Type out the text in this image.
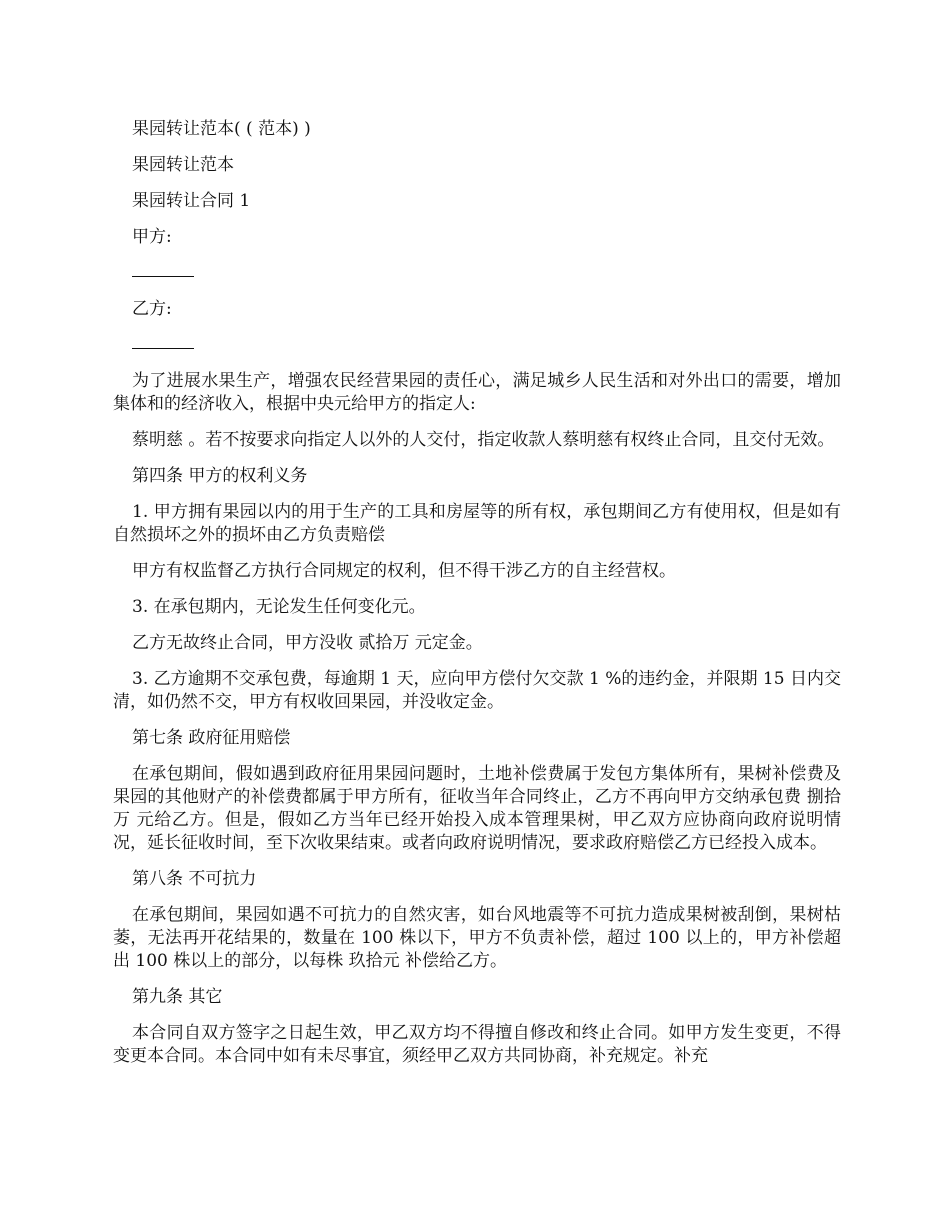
果园转让范本( ( 范本) )

果园转让范本

果园转让合同 1

甲方:

乙方:

为了进展水果生产，增强农民经营果园的责任心，满足城乡人民生活和对外出口的需要，增加集体和的经济收入，根据中央元给甲方的指定人:

蔡明慈 。若不按要求向指定人以外的人交付，指定收款人蔡明慈有权终止合同，且交付无效。

第四条 甲方的权利义务

1. 甲方拥有果园以内的用于生产的工具和房屋等的所有权，承包期间乙方有使用权，但是如有自然损坏之外的损坏由乙方负责赔偿

甲方有权监督乙方执行合同规定的权利，但不得干涉乙方的自主经营权。

3. 在承包期内，无论发生任何变化元。

乙方无故终止合同，甲方没收 贰拾万 元定金。

3. 乙方逾期不交承包费，每逾期 1 天，应向甲方偿付欠交款 1 %的违约金，并限期 15 日内交清，如仍然不交，甲方有权收回果园，并没收定金。

第七条 政府征用赔偿

在承包期间，假如遇到政府征用果园问题时，土地补偿费属于发包方集体所有，果树补偿费及果园的其他财产的补偿费都属于甲方所有，征收当年合同终止，乙方不再向甲方交纳承包费 捌拾万 元给乙方。但是，假如乙方当年已经开始投入成本管理果树，甲乙双方应协商向政府说明情况，延长征收时间，至下次收果结束。或者向政府说明情况，要求政府赔偿乙方已经投入成本。

第八条 不可抗力

在承包期间，果园如遇不可抗力的自然灾害，如台风地震等不可抗力造成果树被刮倒，果树枯萎，无法再开花结果的，数量在 100 株以下，甲方不负责补偿，超过 100 以上的，甲方补偿超出 100 株以上的部分，以每株 玖拾元 补偿给乙方。

第九条 其它

本合同自双方签字之日起生效，甲乙双方均不得擅自修改和终止合同。如甲方发生变更，不得变更本合同。本合同中如有未尽事宜，须经甲乙双方共同协商，补充规定。补充
